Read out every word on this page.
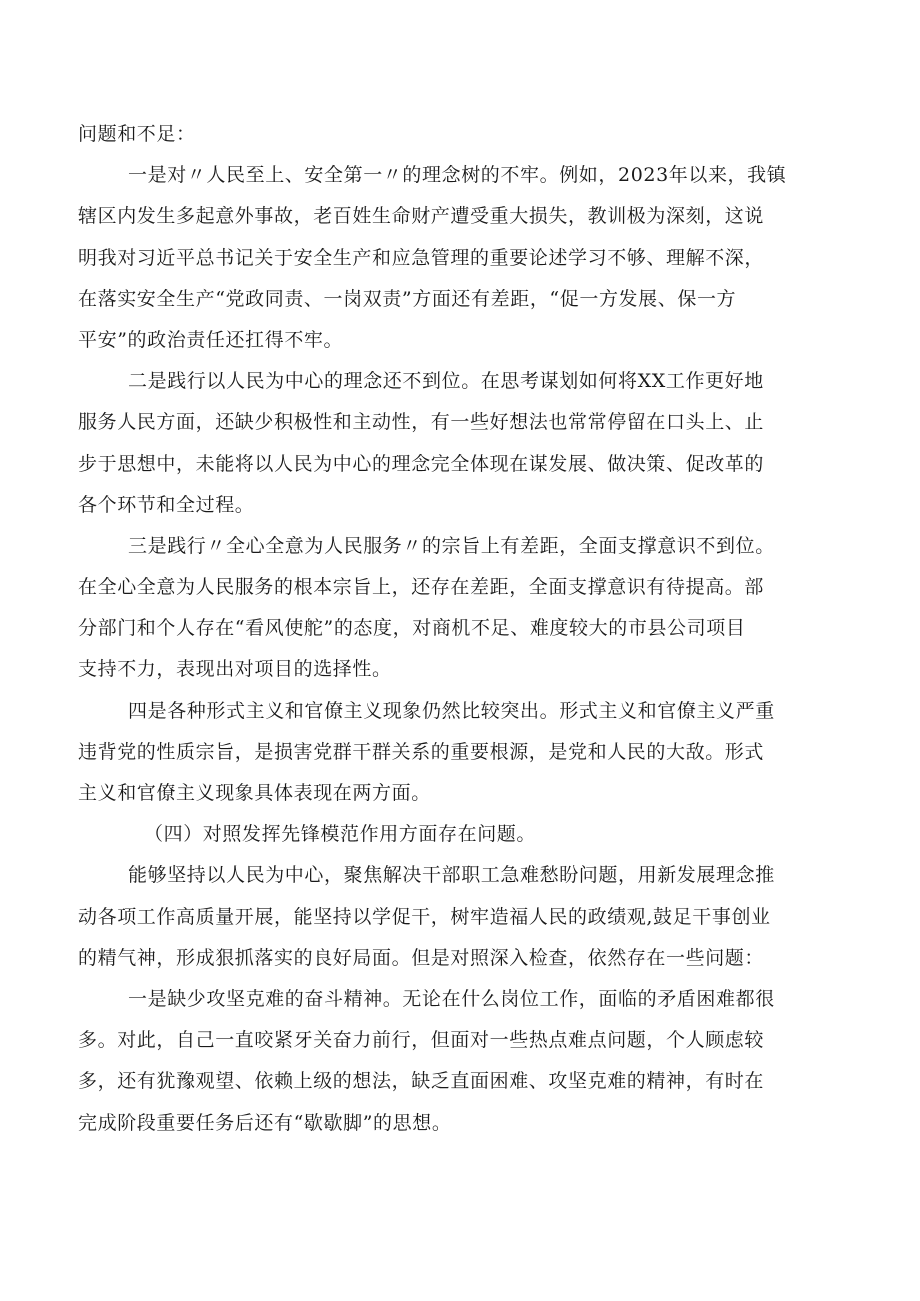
问题和不足：
一是对〃人民至上、安全第一〃的理念树的不牢。例如，2023年以来，我镇
辖区内发生多起意外事故，老百姓生命财产遭受重大损失，教训极为深刻，这说
明我对习近平总书记关于安全生产和应急管理的重要论述学习不够、理解不深，
在落实安全生产“党政同责、一岗双责”方面还有差距，“促一方发展、保一方
平安”的政治责任还扛得不牢。
二是践行以人民为中心的理念还不到位。在思考谋划如何将XX工作更好地
服务人民方面，还缺少积极性和主动性，有一些好想法也常常停留在口头上、止
步于思想中，未能将以人民为中心的理念完全体现在谋发展、做决策、促改革的
各个环节和全过程。
三是践行〃全心全意为人民服务〃的宗旨上有差距，全面支撑意识不到位。
在全心全意为人民服务的根本宗旨上，还存在差距，全面支撑意识有待提高。部
分部门和个人存在“看风使舵”的态度，对商机不足、难度较大的市县公司项目
支持不力，表现出对项目的选择性。
四是各种形式主义和官僚主义现象仍然比较突出。形式主义和官僚主义严重
违背党的性质宗旨，是损害党群干群关系的重要根源，是党和人民的大敌。形式
主义和官僚主义现象具体表现在两方面。
（四）对照发挥先锋模范作用方面存在问题。
能够坚持以人民为中心，聚焦解决干部职工急难愁盼问题，用新发展理念推
动各项工作高质量开展，能坚持以学促干，树牢造福人民的政绩观,鼓足干事创业
的精气神，形成狠抓落实的良好局面。但是对照深入检查，依然存在一些问题：
一是缺少攻坚克难的奋斗精神。无论在什么岗位工作，面临的矛盾困难都很
多。对此，自己一直咬紧牙关奋力前行，但面对一些热点难点问题，个人顾虑较
多，还有犹豫观望、依赖上级的想法，缺乏直面困难、攻坚克难的精神，有时在
完成阶段重要任务后还有“歇歇脚”的思想。
